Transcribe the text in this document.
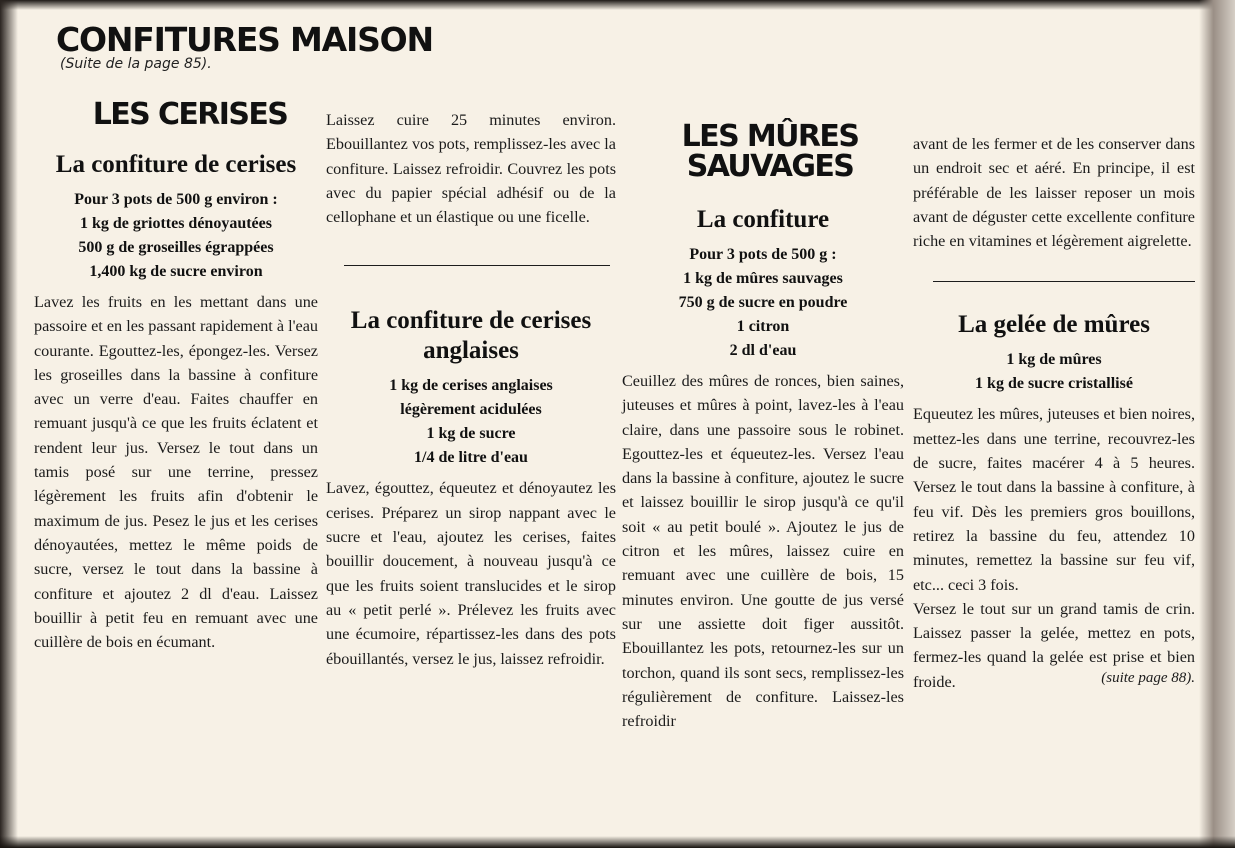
CONFITURES MAISON
(Suite de la page 85).
LES CERISES
LES MÛRES SAUVAGES
La confiture de cerises
Pour 3 pots de 500 g environ :
1 kg de griottes dénoyautées
500 g de groseilles égrappées
1,400 kg de sucre environ

Lavez les fruits en les mettant dans une passoire et en les passant rapidement à l'eau courante. Egouttez-les, épongez-les. Versez les groseilles dans la bassine à confiture avec un verre d'eau. Faites chauffer en remuant jusqu'à ce que les fruits éclatent et rendent leur jus. Versez le tout dans un tamis posé sur une terrine, pressez légèrement les fruits afin d'obtenir le maximum de jus. Pesez le jus et les cerises dénoyautées, mettez le même poids de sucre, versez le tout dans la bassine à confiture et ajoutez 2 dl d'eau. Laissez bouillir à petit feu en remuant avec une cuillère de bois en écumant.

Laissez cuire 25 minutes environ. Ebouillantez vos pots, remplissez-les avec la confiture. Laissez refroidir. Couvrez les pots avec du papier spécial adhésif ou de la cellophane et un élastique ou une ficelle.

La confiture de cerises anglaises
1 kg de cerises anglaises
légèrement acidulées
1 kg de sucre
1/4 de litre d'eau

Lavez, égouttez, équeutez et dénoyautez les cerises. Préparez un sirop nappant avec le sucre et l'eau, ajoutez les cerises, faites bouillir doucement, à nouveau jusqu'à ce que les fruits soient translucides et le sirop au « petit perlé ». Prélevez les fruits avec une écumoire, répartissez-les dans des pots ébouillantés, versez le jus, laissez refroidir.

La confiture
Pour 3 pots de 500 g :
1 kg de mûres sauvages
750 g de sucre en poudre
1 citron
2 dl d'eau

Ceuillez des mûres de ronces, bien saines, juteuses et mûres à point, lavez-les à l'eau claire, dans une passoire sous le robinet. Egouttez-les et équeutez-les. Versez l'eau dans la bassine à confiture, ajoutez le sucre et laissez bouillir le sirop jusqu'à ce qu'il soit « au petit boulé ». Ajoutez le jus de citron et les mûres, laissez cuire en remuant avec une cuillère de bois, 15 minutes environ. Une goutte de jus versé sur une assiette doit figer aussitôt. Ebouillantez les pots, retournez-les sur un torchon, quand ils sont secs, remplissez-les régulièrement de confiture. Laissez-les refroidir

avant de les fermer et de les conserver dans un endroit sec et aéré. En principe, il est préférable de les laisser reposer un mois avant de déguster cette excellente confiture riche en vitamines et légèrement aigrelette.

La gelée de mûres
1 kg de mûres
1 kg de sucre cristallisé

Equeutez les mûres, juteuses et bien noires, mettez-les dans une terrine, recouvrez-les de sucre, faites macérer 4 à 5 heures. Versez le tout dans la bassine à confiture, à feu vif. Dès les premiers gros bouillons, retirez la bassine du feu, attendez 10 minutes, remettez la bassine sur feu vif, etc... ceci 3 fois.

Versez le tout sur un grand tamis de crin. Laissez passer la gelée, mettez en pots, fermez-les quand la gelée est prise et bien froide.	(suite page 88).
